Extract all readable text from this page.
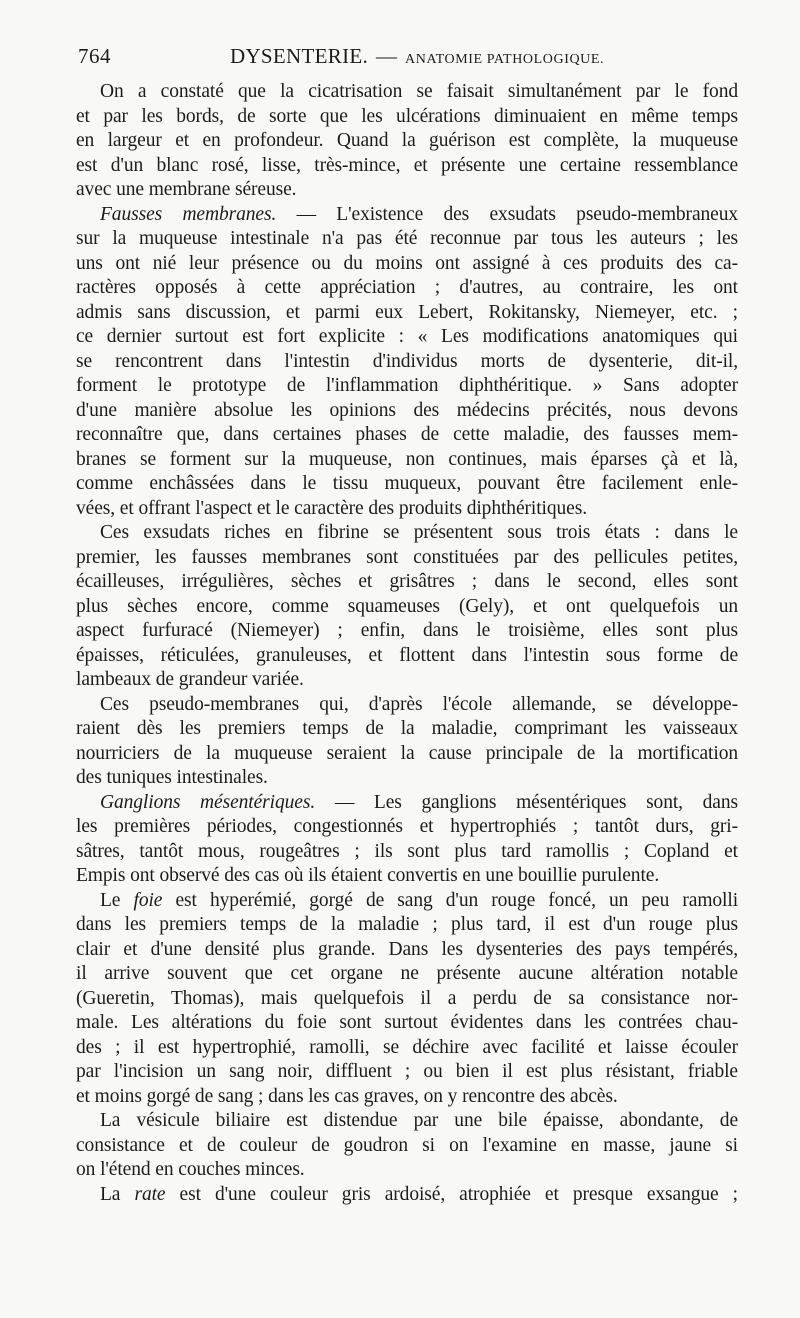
764	DYSENTERIE. — ANATOMIE PATHOLOGIQUE.
On a constaté que la cicatrisation se faisait simultanément par le fond
et par les bords, de sorte que les ulcérations diminuaient en même temps
en largeur et en profondeur. Quand la guérison est complète, la muqueuse
est d'un blanc rosé, lisse, très-mince, et présente une certaine ressemblance
avec une membrane séreuse.
Fausses membranes. — L'existence des exsudats pseudo-membraneux
sur la muqueuse intestinale n'a pas été reconnue par tous les auteurs ; les
uns ont nié leur présence ou du moins ont assigné à ces produits des ca-
ractères opposés à cette appréciation ; d'autres, au contraire, les ont
admis sans discussion, et parmi eux Lebert, Rokitansky, Niemeyer, etc. ;
ce dernier surtout est fort explicite : « Les modifications anatomiques qui
se rencontrent dans l'intestin d'individus morts de dysenterie, dit-il,
forment le prototype de l'inflammation diphthéritique. » Sans adopter
d'une manière absolue les opinions des médecins précités, nous devons
reconnaître que, dans certaines phases de cette maladie, des fausses mem-
branes se forment sur la muqueuse, non continues, mais éparses çà et là,
comme enchâssées dans le tissu muqueux, pouvant être facilement enle-
vées, et offrant l'aspect et le caractère des produits diphthéritiques.
Ces exsudats riches en fibrine se présentent sous trois états : dans le
premier, les fausses membranes sont constituées par des pellicules petites,
écailleuses, irrégulières, sèches et grisâtres ; dans le second, elles sont
plus sèches encore, comme squameuses (Gely), et ont quelquefois un
aspect furfuracé (Niemeyer) ; enfin, dans le troisième, elles sont plus
épaisses, réticulées, granuleuses, et flottent dans l'intestin sous forme de
lambeaux de grandeur variée.
Ces pseudo-membranes qui, d'après l'école allemande, se développe-
raient dès les premiers temps de la maladie, comprimant les vaisseaux
nourriciers de la muqueuse seraient la cause principale de la mortification
des tuniques intestinales.
Ganglions mésentériques. — Les ganglions mésentériques sont, dans
les premières périodes, congestionnés et hypertrophiés ; tantôt durs, gri-
sâtres, tantôt mous, rougeâtres ; ils sont plus tard ramollis ; Copland et
Empis ont observé des cas où ils étaient convertis en une bouillie purulente.
Le foie est hyperémié, gorgé de sang d'un rouge foncé, un peu ramolli
dans les premiers temps de la maladie ; plus tard, il est d'un rouge plus
clair et d'une densité plus grande. Dans les dysenteries des pays tempérés,
il arrive souvent que cet organe ne présente aucune altération notable
(Gueretin, Thomas), mais quelquefois il a perdu de sa consistance nor-
male. Les altérations du foie sont surtout évidentes dans les contrées chau-
des ; il est hypertrophié, ramolli, se déchire avec facilité et laisse écouler
par l'incision un sang noir, diffluent ; ou bien il est plus résistant, friable
et moins gorgé de sang ; dans les cas graves, on y rencontre des abcès.
La vésicule biliaire est distendue par une bile épaisse, abondante, de
consistance et de couleur de goudron si on l'examine en masse, jaune si
on l'étend en couches minces.
La rate est d'une couleur gris ardoisé, atrophiée et presque exsangue ;
